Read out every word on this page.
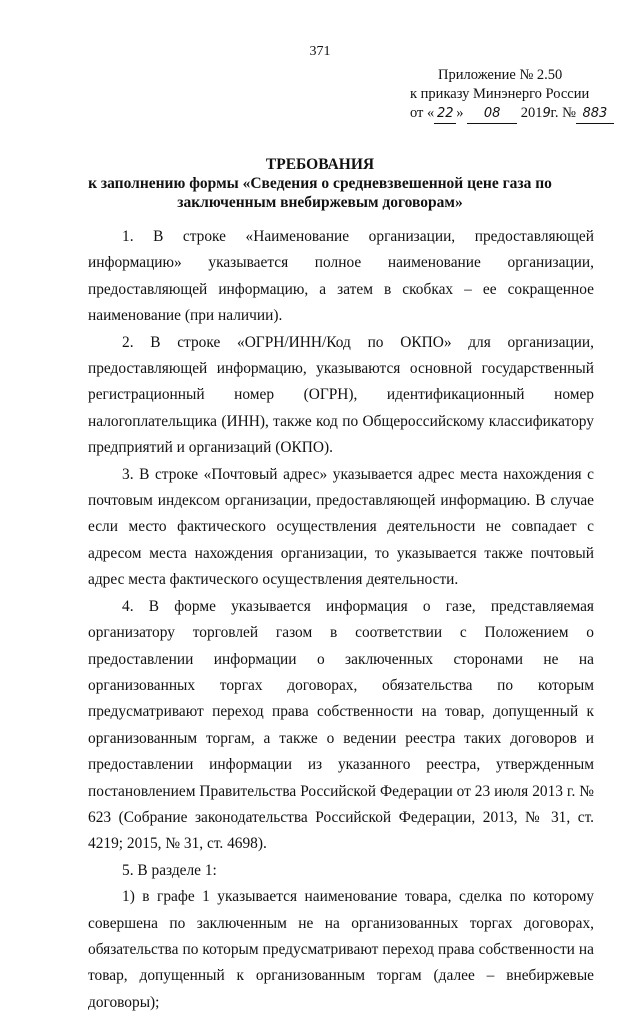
371
Приложение № 2.50
к приказу Минэнерго России
от « 22 » 08 2019г. № 883
ТРЕБОВАНИЯ
к заполнению формы «Сведения о средневзвешенной цене газа по
заключенным внебиржевым договорам»

1. В строке «Наименование организации, предоставляющей информацию» указывается полное наименование организации, предоставляющей информацию, а затем в скобках – ее сокращенное наименование (при наличии).

2. В строке «ОГРН/ИНН/Код по ОКПО» для организации, предоставляющей информацию, указываются основной государственный регистрационный номер (ОГРН), идентификационный номер налогоплательщика (ИНН), также код по Общероссийскому классификатору предприятий и организаций (ОКПО).

3. В строке «Почтовый адрес» указывается адрес места нахождения с почтовым индексом организации, предоставляющей информацию. В случае если место фактического осуществления деятельности не совпадает с адресом места нахождения организации, то указывается также почтовый адрес места фактического осуществления деятельности.

4. В форме указывается информация о газе, представляемая организатору торговлей газом в соответствии с Положением о предоставлении информации о заключенных сторонами не на организованных торгах договорах, обязательства по которым предусматривают переход права собственности на товар, допущенный к организованным торгам, а также о ведении реестра таких договоров и предоставлении информации из указанного реестра, утвержденным постановлением Правительства Российской Федерации от 23 июля 2013 г. № 623 (Собрание законодательства Российской Федерации, 2013, № 31, ст. 4219; 2015, № 31, ст. 4698).

5. В разделе 1:

1) в графе 1 указывается наименование товара, сделка по которому совершена по заключенным не на организованных торгах договорах, обязательства по которым предусматривают переход права собственности на товар, допущенный к организованным торгам (далее – внебиржевые договоры);
